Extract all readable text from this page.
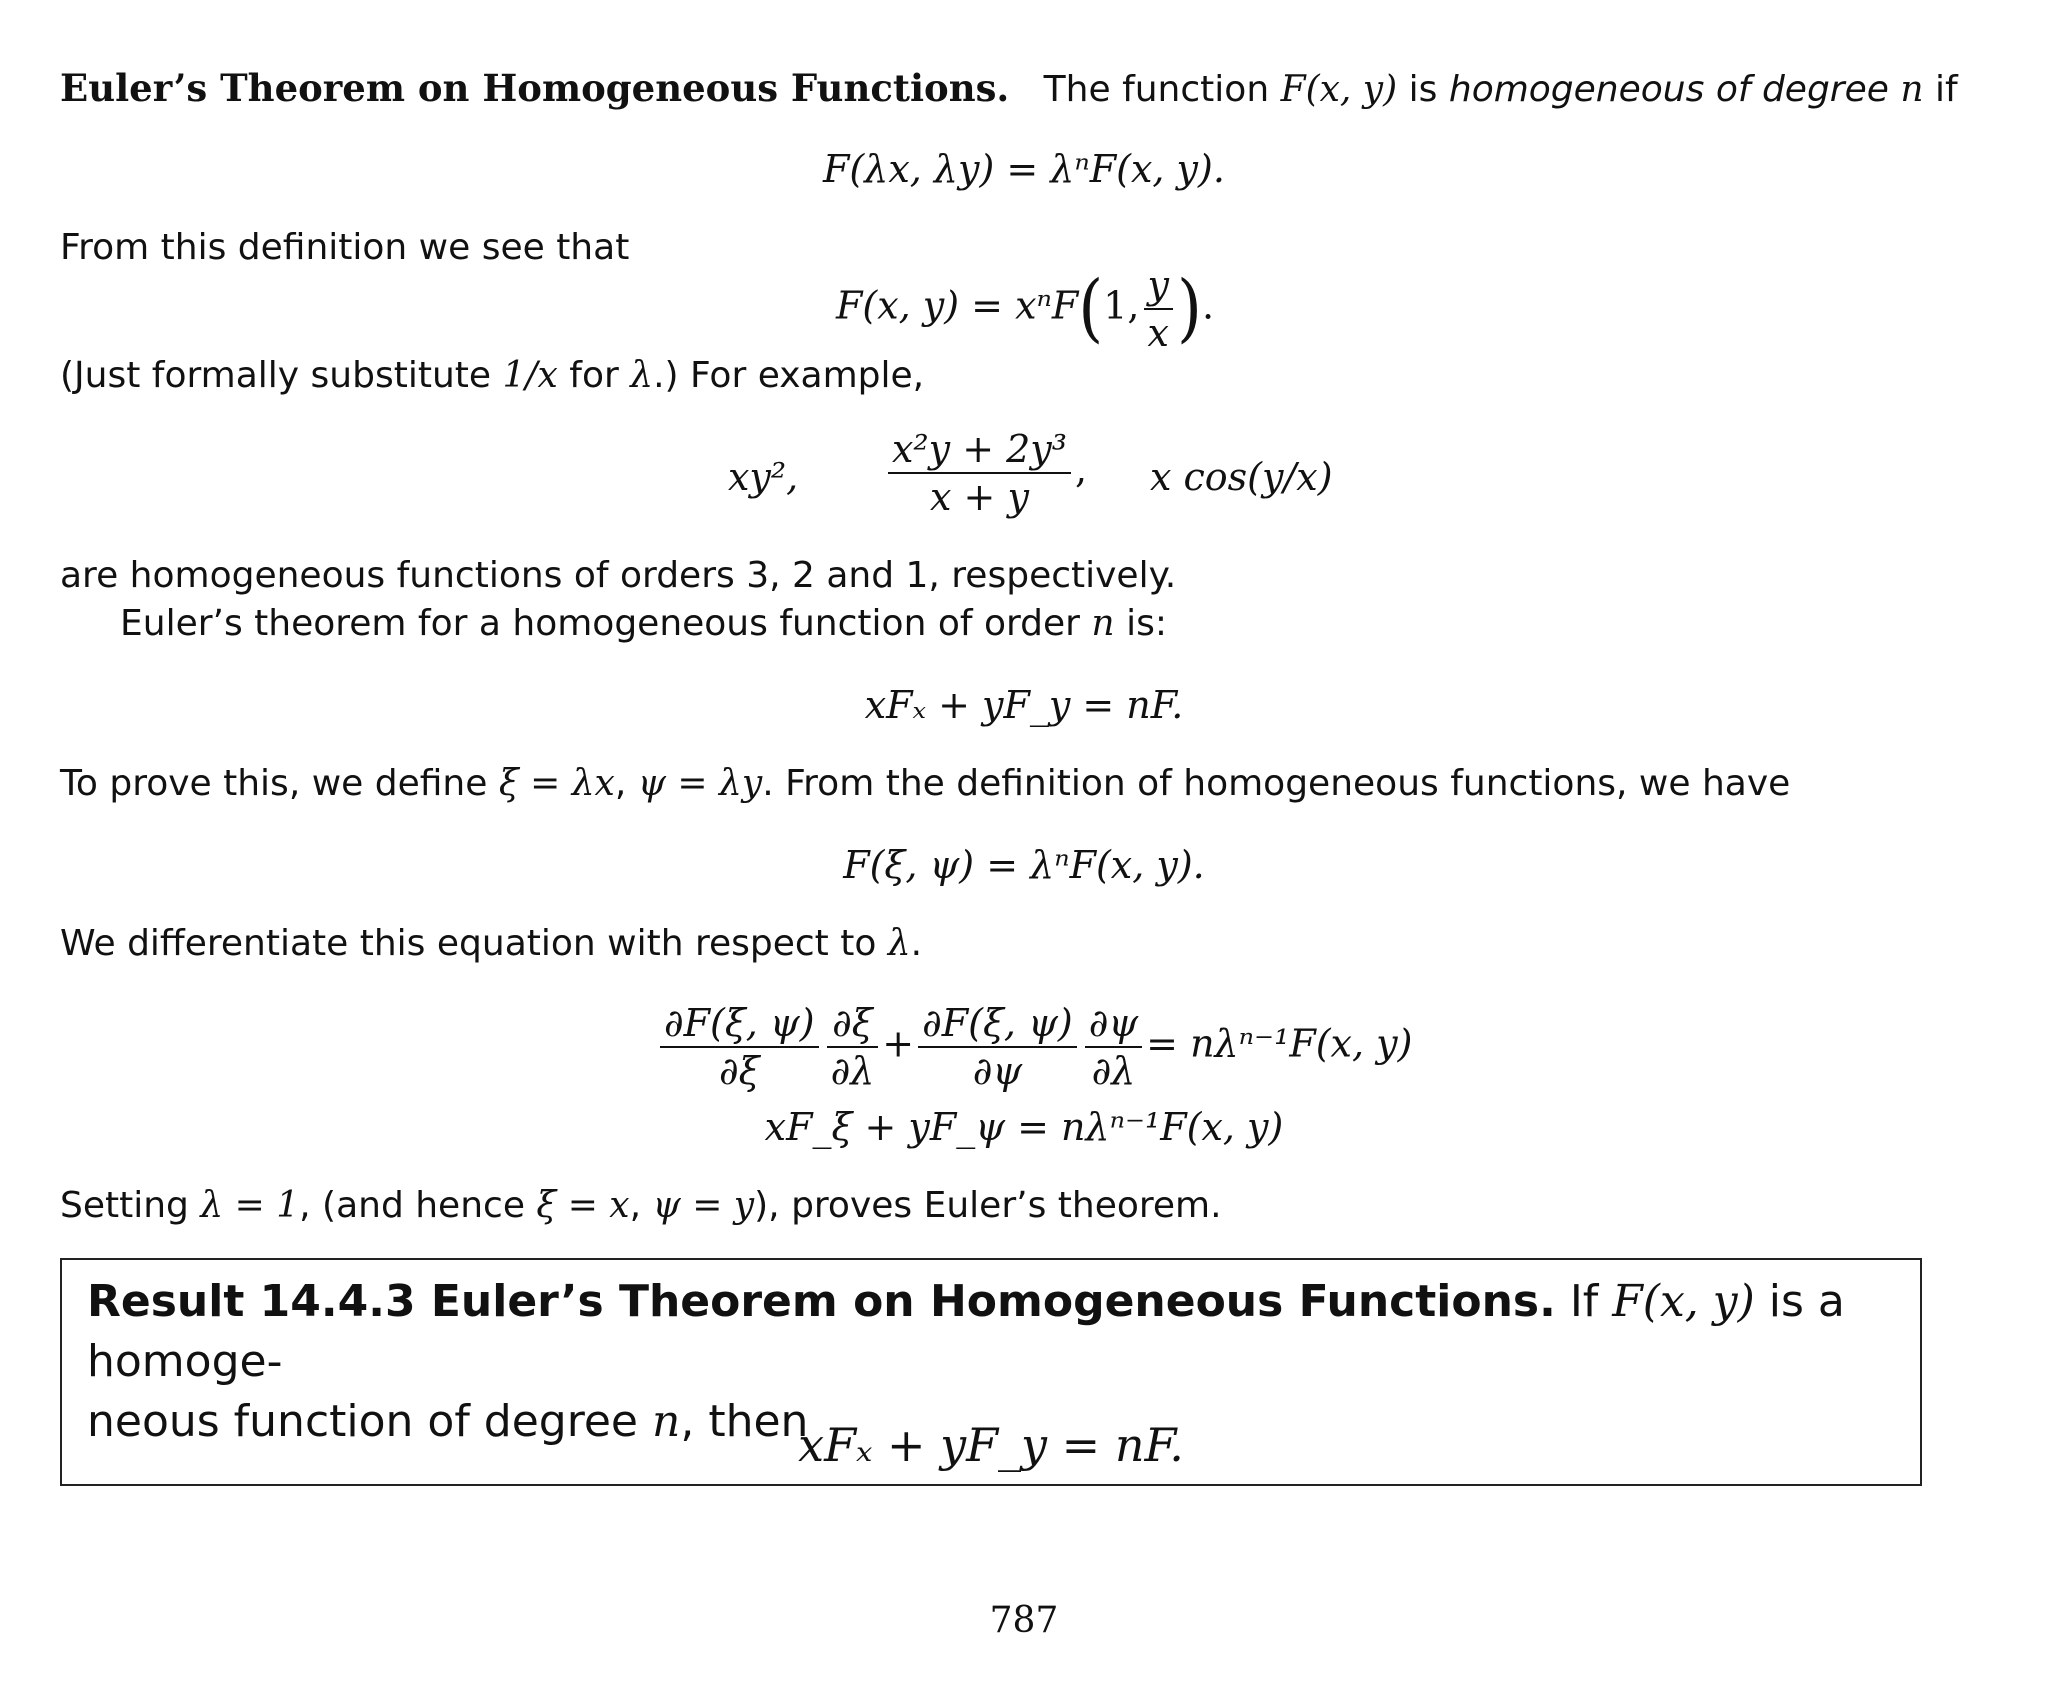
Euler’s Theorem on Homogeneous Functions. The function F(x, y) is homogeneous of degree n if
F(λx, λy) = λⁿF(x, y).
From this definition we see that
F(x, y) = xⁿF(1, $\frac{y}{x}$ ).
(Just formally substitute 1/x for λ.) For example,
xy², $\frac{\text{x²y + 2y³}}{x + y}$ , x cos(y/x)
are homogeneous functions of orders 3, 2 and 1, respectively.
Euler’s theorem for a homogeneous function of order n is:
xFₓ + yF_y = nF.
To prove this, we define ξ = λx, ψ = λy. From the definition of homogeneous functions, we have
F(ξ, ψ) = λⁿF(x, y).
We differentiate this equation with respect to λ.
$\frac{\partial F(\xi, \psi)}{\partial\xi} \frac{\partial\xi}{\partial\lambda} + \frac{\partial F(\xi, \psi)}{\partial\psi} \frac{\partial\psi}{\partial\lambda} = n\lambda^{n-1}F(x$, y)
xF_ξ + yF_ψ = nλⁿ⁻¹F(x, y)
Setting λ = 1, (and hence ξ = x, ψ = y), proves Euler’s theorem.
Result 14.4.3 Euler’s Theorem on Homogeneous Functions. If F(x, y) is a homoge-
neous function of degree n, then
xFₓ + yF_y = nF.
787
